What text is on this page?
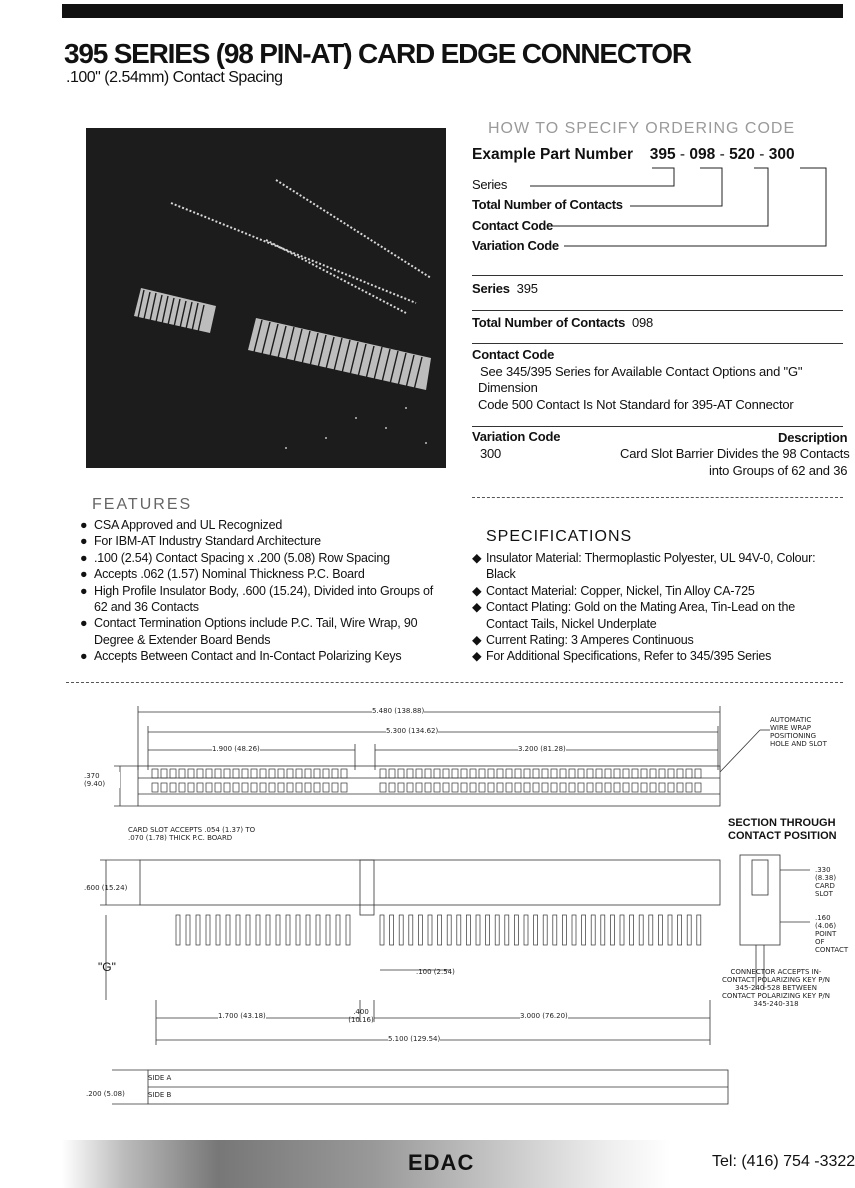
395 SERIES (98 PIN-AT) CARD EDGE CONNECTOR
.100" (2.54mm) Contact Spacing
HOW TO SPECIFY ORDERING CODE
Example Part Number 395 - 098 - 520 - 300
Series
Total Number of Contacts
Contact Code
Variation Code
Series 395
Total Number of Contacts 098
Contact Code
See 345/395 Series for Available Contact Options and "G"
Dimension
Code 500 Contact Is Not Standard for 395-AT Connector
Variation Code	Description
300	Card Slot Barrier Divides the 98 Contacts
into Groups of 62 and 36
FEATURES
● CSA Approved and UL Recognized
● For IBM-AT Industry Standard Architecture
● .100 (2.54) Contact Spacing x .200 (5.08) Row Spacing
● Accepts .062 (1.57) Nominal Thickness P.C. Board
● High Profile Insulator Body, .600 (15.24), Divided into Groups of
62 and 36 Contacts
● Contact Termination Options include P.C. Tail, Wire Wrap, 90
Degree & Extender Board Bends
● Accepts Between Contact and In-Contact Polarizing Keys
SPECIFICATIONS
◆ Insulator Material: Thermoplastic Polyester, UL 94V-0, Colour:
Black
◆ Contact Material: Copper, Nickel, Tin Alloy CA-725
◆ Contact Plating: Gold on the Mating Area, Tin-Lead on the
Contact Tails, Nickel Underplate
◆ Current Rating: 3 Amperes Continuous
◆ For Additional Specifications, Refer to 345/395 Series
5.480 (138.88)
5.300 (134.62)
1.900 (48.26)	3.200 (81.28)
.370 (9.40)
AUTOMATIC WIRE WRAP POSITIONING HOLE AND SLOT
CARD SLOT ACCEPTS .054 (1.37) TO .070 (1.78) THICK P.C. BOARD
SECTION THROUGH CONTACT POSITION
.600 (15.24)
.330 (8.38) CARD SLOT
.160 (4.06) POINT OF CONTACT
"G"	.100 (2.54)
1.700 (43.18)	.400 (10.16)	3.000 (76.20)
5.100 (129.54)
CONNECTOR ACCEPTS IN-CONTACT POLARIZING KEY P/N 345-240-528 BETWEEN CONTACT POLARIZING KEY P/N 345-240-318
.200 (5.08)
SIDE A
SIDE B
EDAC	Tel: (416) 754 -3322
